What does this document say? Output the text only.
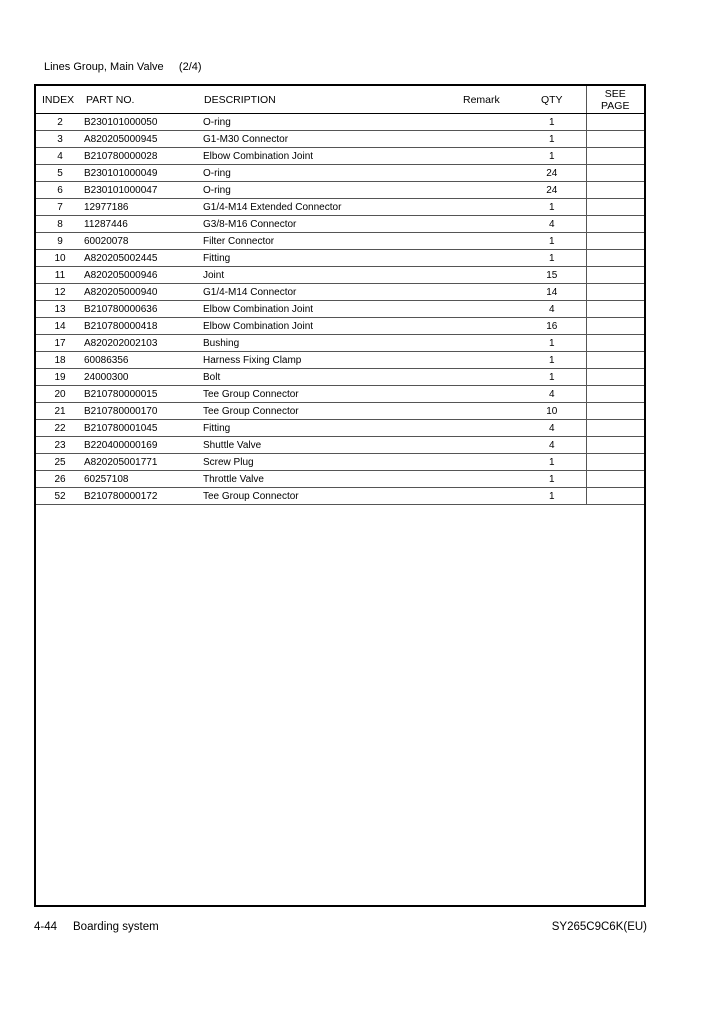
Lines Group, Main Valve (2/4)
INDEX	PART NO.	DESCRIPTION	Remark	QTY	SEE
PAGE
2	B230101000050	O-ring		1	
3	A820205000945	G1-M30 Connector		1	
4	B210780000028	Elbow Combination Joint		1	
5	B230101000049	O-ring		24	
6	B230101000047	O-ring		24	
7	12977186	G1/4-M14 Extended Connector		1	
8	11287446	G3/8-M16 Connector		4	
9	60020078	Filter Connector		1	
10	A820205002445	Fitting		1	
11	A820205000946	Joint		15	
12	A820205000940	G1/4-M14 Connector		14	
13	B210780000636	Elbow Combination Joint		4	
14	B210780000418	Elbow Combination Joint		16	
17	A820202002103	Bushing		1	
18	60086356	Harness Fixing Clamp		1	
19	24000300	Bolt		1	
20	B210780000015	Tee Group Connector		4	
21	B210780000170	Tee Group Connector		10	
22	B210780001045	Fitting		4	
23	B220400000169	Shuttle Valve		4	
25	A820205001771	Screw Plug		1	
26	60257108	Throttle Valve		1	
52	B210780000172	Tee Group Connector		1	
4-44 Boarding system	SY265C9C6K(EU)
